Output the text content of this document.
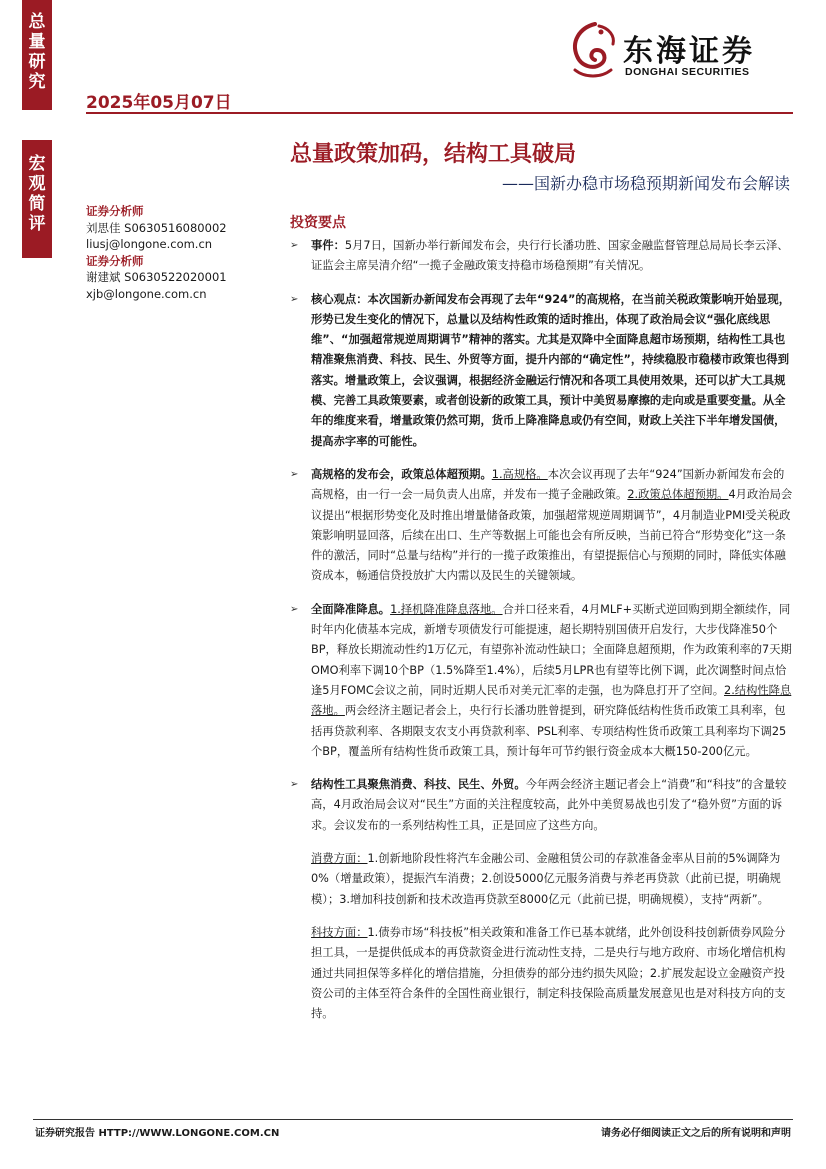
总量研究
宏观简评
2025年05月07日
东海证券
DONGHAI SECURITIES
总量政策加码，结构工具破局
——国新办稳市场稳预期新闻发布会解读
证券分析师
刘思佳 S0630516080002
liusj@longone.com.cn
证券分析师
谢建斌 S0630522020001
xjb@longone.com.cn
投资要点
➢ 事件：5月7日，国新办举行新闻发布会，央行行长潘功胜、国家金融监督管理总局局长李云泽、证监会主席吴清介绍“一揽子金融政策支持稳市场稳预期”有关情况。
➢ 核心观点：本次国新办新闻发布会再现了去年“924”的高规格，在当前关税政策影响开始显现，形势已发生变化的情况下，总量以及结构性政策的适时推出，体现了政治局会议“强化底线思维”、“加强超常规逆周期调节”精神的落实。尤其是双降中全面降息超市场预期，结构性工具也精准聚焦消费、科技、民生、外贸等方面，提升内部的“确定性”，持续稳股市稳楼市政策也得到落实。增量政策上，会议强调，根据经济金融运行情况和各项工具使用效果，还可以扩大工具规模、完善工具政策要素，或者创设新的政策工具，预计中美贸易摩擦的走向或是重要变量。从全年的维度来看，增量政策仍然可期，货币上降准降息或仍有空间，财政上关注下半年增发国债，提高赤字率的可能性。
➢ 高规格的发布会，政策总体超预期。1.高规格。本次会议再现了去年“924”国新办新闻发布会的高规格，由一行一会一局负责人出席，并发布一揽子金融政策。2.政策总体超预期。4月政治局会议提出“根据形势变化及时推出增量储备政策，加强超常规逆周期调节”，4月制造业PMI受关税政策影响明显回落，后续在出口、生产等数据上可能也会有所反映，当前已符合“形势变化”这一条件的激活，同时“总量与结构”并行的一揽子政策推出，有望提振信心与预期的同时，降低实体融资成本，畅通信贷投放扩大内需以及民生的关键领域。
➢ 全面降准降息。1.择机降准降息落地。合并口径来看，4月MLF+买断式逆回购到期全额续作，同时年内化债基本完成，新增专项债发行可能提速，超长期特别国债开启发行，大步伐降准50个BP，释放长期流动性约1万亿元，有望弥补流动性缺口；全面降息超预期，作为政策利率的7天期OMO利率下调10个BP（1.5%降至1.4%），后续5月LPR也有望等比例下调，此次调整时间点恰逢5月FOMC会议之前，同时近期人民币对美元汇率的走强，也为降息打开了空间。2.结构性降息落地。两会经济主题记者会上，央行行长潘功胜曾提到，研究降低结构性货币政策工具利率，包括再贷款利率、各期限支农支小再贷款利率、PSL利率、专项结构性货币政策工具利率均下调25个BP，覆盖所有结构性货币政策工具，预计每年可节约银行资金成本大概150-200亿元。
➢ 结构性工具聚焦消费、科技、民生、外贸。今年两会经济主题记者会上“消费”和“科技”的含量较高，4月政治局会议对“民生”方面的关注程度较高，此外中美贸易战也引发了“稳外贸”方面的诉求。会议发布的一系列结构性工具，正是回应了这些方向。
消费方面：1.创新地阶段性将汽车金融公司、金融租赁公司的存款准备金率从目前的5%调降为0%（增量政策），提振汽车消费；2.创设5000亿元服务消费与养老再贷款（此前已提，明确规模）；3.增加科技创新和技术改造再贷款至8000亿元（此前已提，明确规模），支持“两新”。
科技方面：1.债券市场“科技板”相关政策和准备工作已基本就绪，此外创设科技创新债券风险分担工具，一是提供低成本的再贷款资金进行流动性支持，二是央行与地方政府、市场化增信机构通过共同担保等多样化的增信措施，分担债券的部分违约损失风险；2.扩展发起设立金融资产投资公司的主体至符合条件的全国性商业银行，制定科技保险高质量发展意见也是对科技方向的支持。
证券研究报告 HTTP://WWW.LONGONE.COM.CN	请务必仔细阅读正文之后的所有说明和声明
